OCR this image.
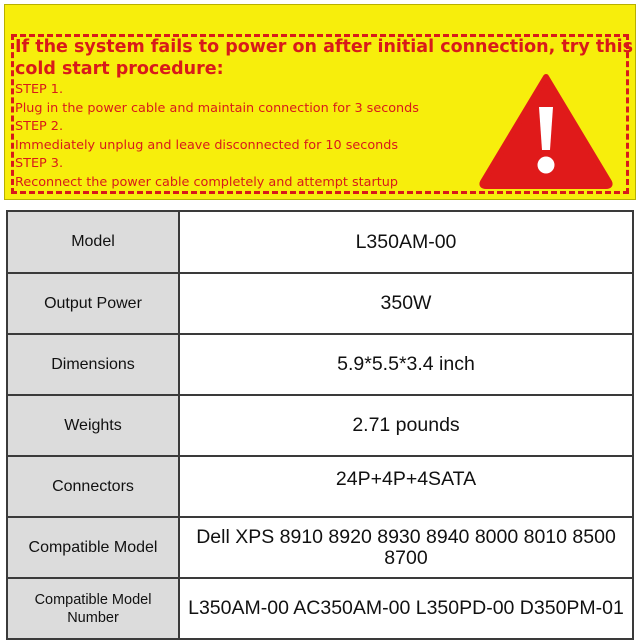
If the system fails to power on after initial connection, try this cold start procedure:

STEP 1.
Plug in the power cable and maintain connection for 3 seconds
STEP 2.
Immediately unplug and leave disconnected for 10 seconds
STEP 3.
Reconnect the power cable completely and attempt startup
Model	L350AM-00
Output Power	350W
Dimensions	5.9*5.5*3.4 inch
Weights	2.71 pounds
Connectors	24P+4P+4SATA
Compatible Model	Dell XPS 8910 8920 8930 8940 8000 8010 8500 8700
Compatible Model Number	L350AM-00 AC350AM-00 L350PD-00 D350PM-01
